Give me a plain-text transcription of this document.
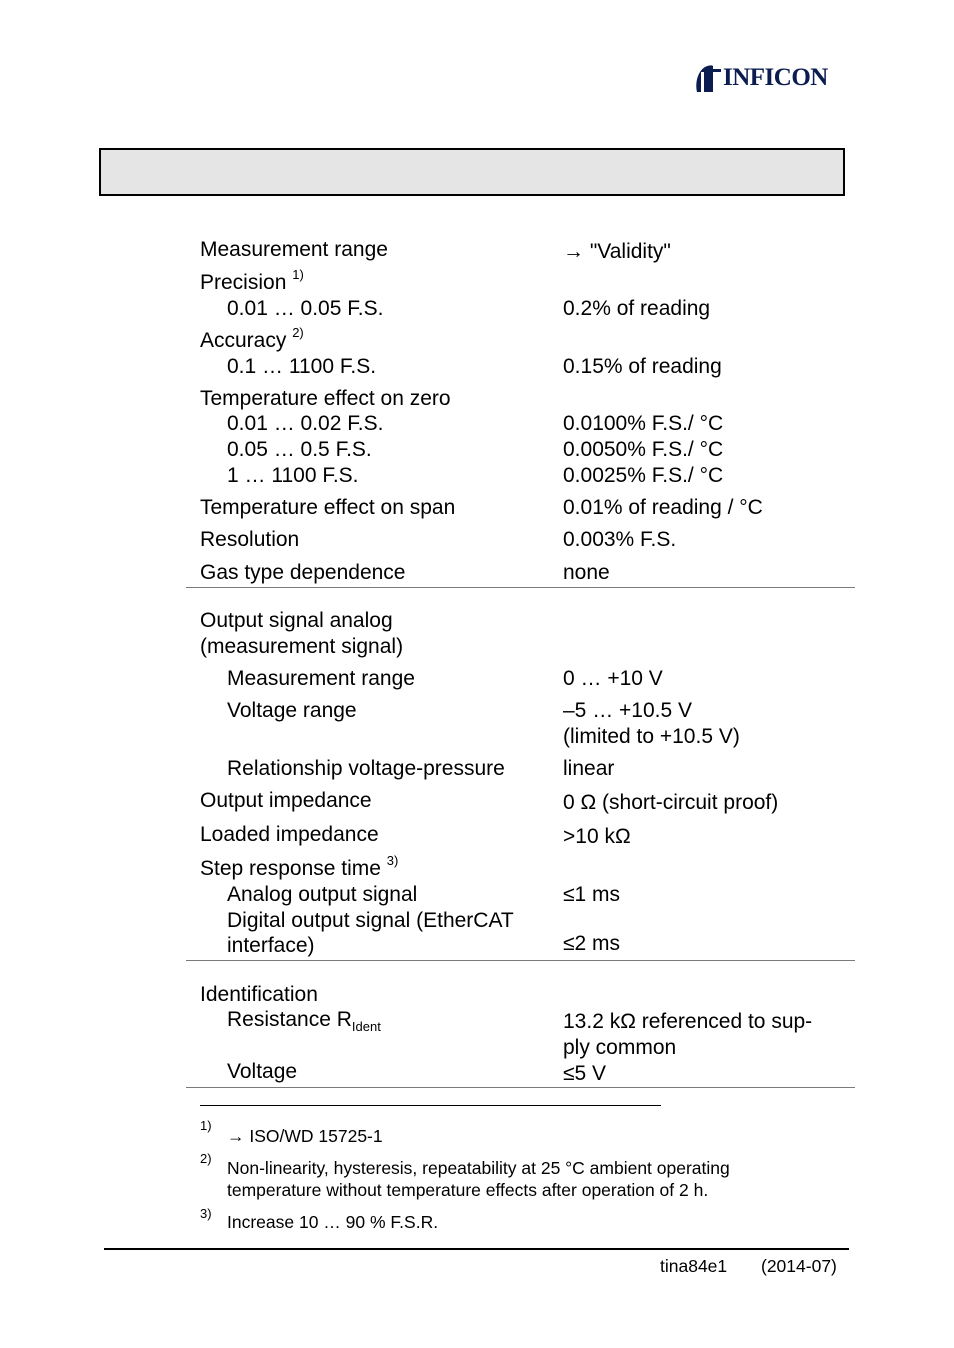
INFICON
Measurement range	→ "Validity"
Precision $^{1)}$
0.01 … 0.05 F.S.	0.2% of reading
Accuracy $^{2)}$
0.1 … 1100 F.S.	0.15% of reading
Temperature effect on zero
0.01 … 0.02 F.S.	0.0100% F.S./ °C
0.05 … 0.5 F.S.	0.0050% F.S./ °C
1 … 1100 F.S.	0.0025% F.S./ °C
Temperature effect on span	0.01% of reading / °C
Resolution	0.003% F.S.
Gas type dependence	none
Output signal analog
(measurement signal)
Measurement range	0 … +10 V
Voltage range	–5 … +10.5 V
(limited to +10.5 V)
Relationship voltage-pressure	linear
Output impedance	0 Ω (short-circuit proof)
Loaded impedance	>10 kΩ
Step response time $^{3)}$
Analog output signal	≤1 ms
Digital output signal (EtherCAT
interface)	≤2 ms
Identification
Resistance $R_{Ident}$	13.2 kΩ referenced to sup-
ply common
Voltage	≤5 V
1)
→ ISO/WD 15725-1
2) Non-linearity, hysteresis, repeatability at 25 °C ambient operating
temperature without temperature effects after operation of 2 h.
3) Increase 10 … 90 % F.S.R.
tina84e1 (2014-07)
